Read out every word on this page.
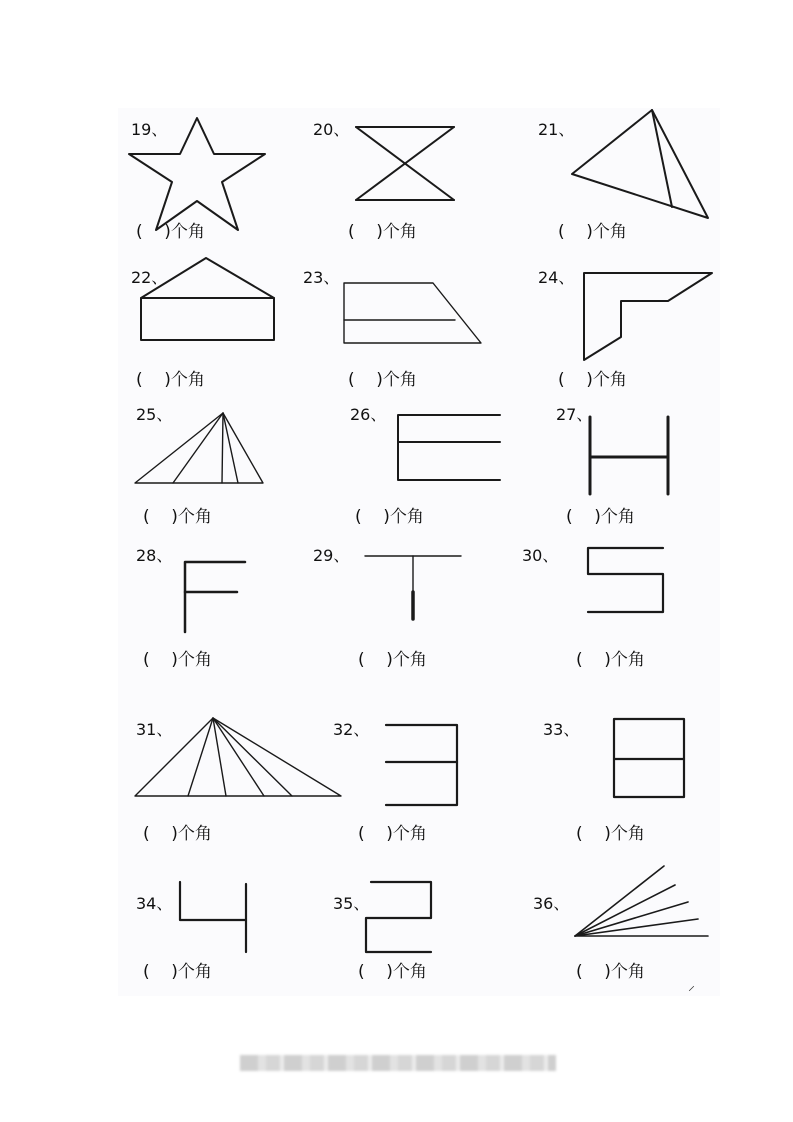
19、
(    )个角
20、
(    )个角
21、
(    )个角
22、
(    )个角
23、
(    )个角
24、
(    )个角
25、
(    )个角
26、
(    )个角
27、
(    )个角
28、
(    )个角
29、
(    )个角
30、
(    )个角
31、
(    )个角
32、
(    )个角
33、
(    )个角
34、
(    )个角
35、
(    )个角
36、
(    )个角
⸝
